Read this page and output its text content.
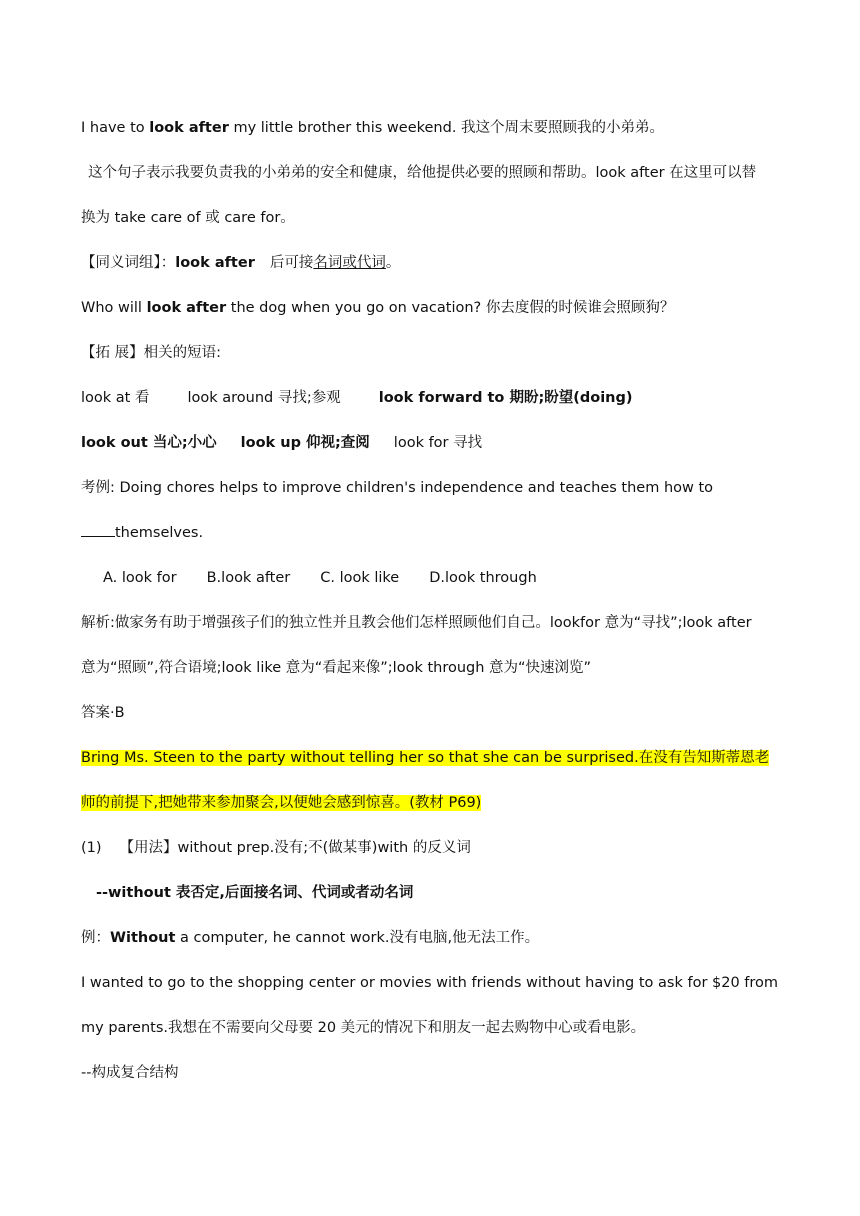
I have to look after my little brother this weekend. 我这个周末要照顾我的小弟弟。
这个句子表示我要负责我的小弟弟的安全和健康，给他提供必要的照顾和帮助。look after 在这里可以替
换为 take care of 或 care for。
【同义词组】：look after 后可接名词或代词。
Who will look after the dog when you go on vacation? 你去度假的时候谁会照顾狗？
【拓 展】相关的短语:
look at 看	look around 寻找;参观	look forward to 期盼;盼望(doing)
look out 当心;小心 look up 仰视;查阅 look for 寻找
考例: Doing chores helps to improve children's independence and teaches them how to
themselves.
A. look for B.look after C. look like D.look through
解析:做家务有助于增强孩子们的独立性并且教会他们怎样照顾他们自己。lookfor 意为“寻找”;look after
意为“照顾”,符合语境;look like 意为“看起来像”;look through 意为“快速浏览”
答案·B
Bring Ms. Steen to the party without telling her so that she can be surprised.在没有告知斯蒂恩老
师的前提下,把她带来参加聚会,以便她会感到惊喜。(教材 P69)
(1) 【用法】without prep.没有;不(做某事)with 的反义词
--without 表否定,后面接名词、代词或者动名词
例：Without a computer, he cannot work.没有电脑,他无法工作。
I wanted to go to the shopping center or movies with friends without having to ask for $20 from
my parents.我想在不需要向父母要 20 美元的情况下和朋友一起去购物中心或看电影。
--构成复合结构
